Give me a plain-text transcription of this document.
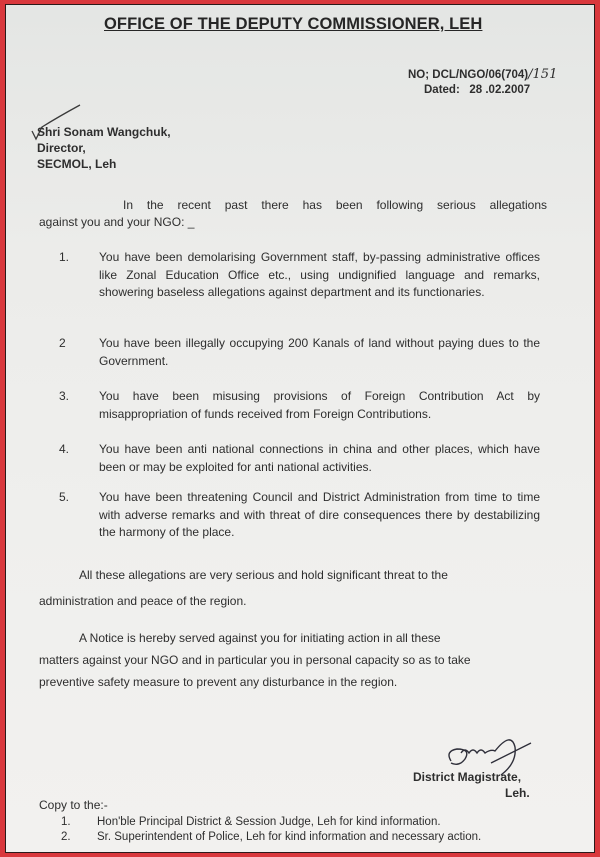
OFFICE OF THE DEPUTY COMMISSIONER, LEH
NO; DCL/NGO/06(704)/151
Dated: 28 .02.2007
Shri Sonam Wangchuk,
Director,
SECMOL, Leh
In the recent past there has been following serious allegations
against you and your NGO: _
1. You have been demolarising Government staff, by-passing administrative offices like Zonal Education Office etc., using undignified language and remarks, showering baseless allegations against department and its functionaries.
2	You have been illegally occupying 200 Kanals of land without paying dues to the Government.
3. You have been misusing provisions of Foreign Contribution Act by misappropriation of funds received from Foreign Contributions.
4. You have been anti national connections in china and other places, which have been or may be exploited for anti national activities.
5. You have been threatening Council and District Administration from time to time with adverse remarks and with threat of dire consequences there by destabilizing the harmony of the place.
All these allegations are very serious and hold significant threat to the
administration and peace of the region.
A Notice is hereby served against you for initiating action in all these
matters against your NGO and in particular you in personal capacity so as to take
preventive safety measure to prevent any disturbance in the region.
District Magistrate,
Leh.
Copy to the:-
1. Hon'ble Principal District & Session Judge, Leh for kind information.
2. Sr. Superintendent of Police, Leh for kind information and necessary action.
